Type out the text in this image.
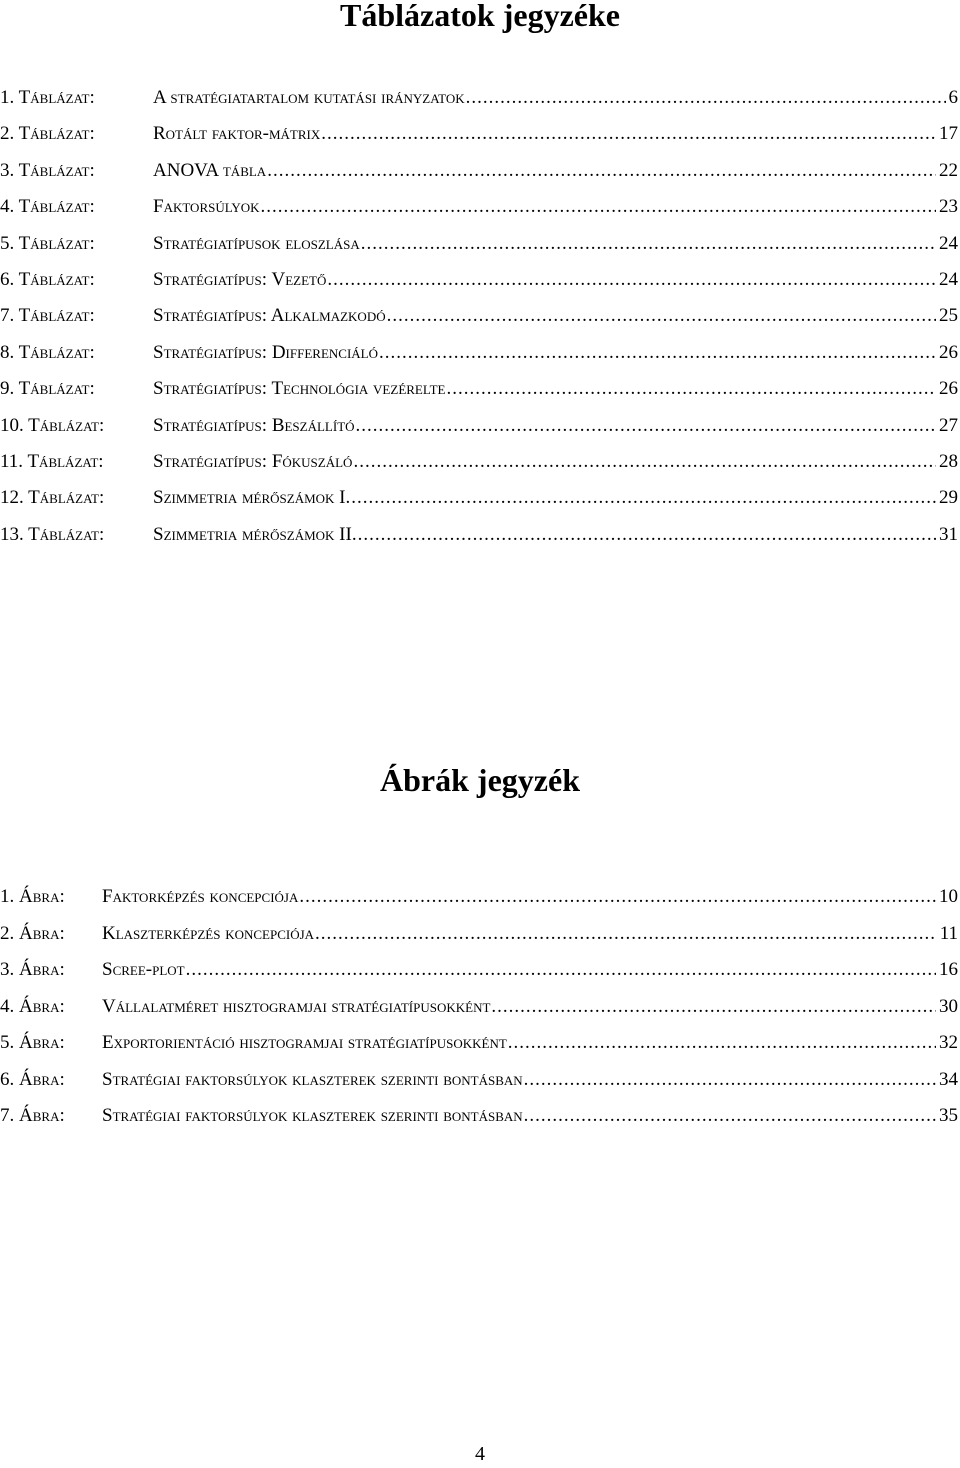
Táblázatok jegyzéke
1. Táblázat:	A stratégiatartalom kutatási irányzatok .....	6
2. Táblázat:	Rotált faktor-mátrix .....	17
3. Táblázat:	ANOVA tábla .....	22
4. Táblázat:	Faktorsúlyok .....	23
5. Táblázat:	Stratégiatípusok eloszlása .....	24
6. Táblázat:	Stratégiatípus: Vezető .....	24
7. Táblázat:	Stratégiatípus: Alkalmazkodó .....	25
8. Táblázat:	Stratégiatípus: Differenciáló .....	26
9. Táblázat:	Stratégiatípus: Technológia vezérelte .....	26
10. Táblázat:	Stratégiatípus: Beszállító .....	27
11. Táblázat:	Stratégiatípus: Fókuszáló .....	28
12. Táblázat:	Szimmetria mérőszámok I. .....	29
13. Táblázat:	Szimmetria mérőszámok II. .....	31
Ábrák jegyzék
1. Ábra:	Faktorképzés koncepciója .....	10
2. Ábra:	Klaszterképzés koncepciója .....	11
3. Ábra:	Scree-plot .....	16
4. Ábra:	Vállalatméret hisztogramjai stratégiatípusokként .....	30
5. Ábra:	Exportorientáció hisztogramjai stratégiatípusokként .....	32
6. Ábra:	Stratégiai faktorsúlyok klaszterek szerinti bontásban .....	34
7. Ábra:	Stratégiai faktorsúlyok klaszterek szerinti bontásban .....	35
4
